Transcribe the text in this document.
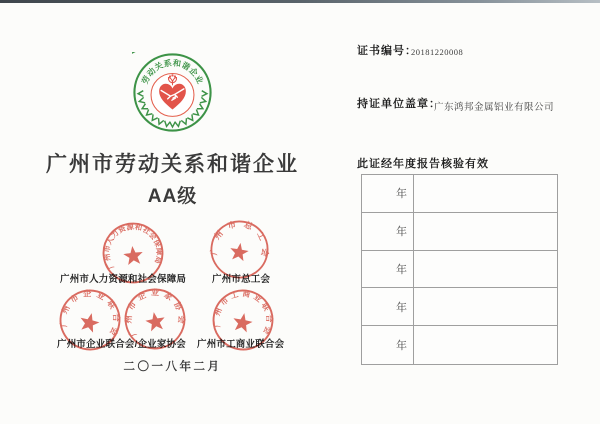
劳动关系和谐企业
广州市劳动关系和谐企业
AA级
广州市人力资源和社会保障局	广州市总工会
广州市企业联合会/企业家协会 广州市工商业联合会
广州市人力资源和社会保障局
广州市总工会
广州市企业联合会 广州市企业家协会 广州市工商业联合会
二〇一八年二月
证书编号：
20181220008
持证单位盖章：
广东鸿邦金属铝业有限公司
此证经年度报告核验有效
年
年
年
年
年
